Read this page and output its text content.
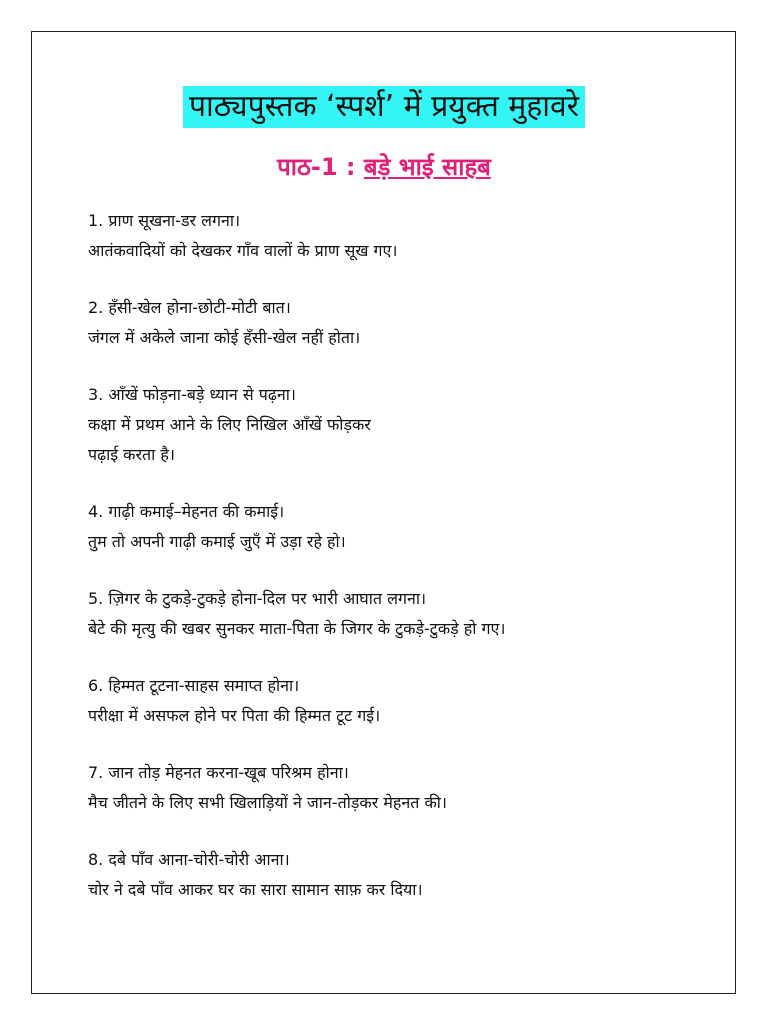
पाठ्यपुस्तक ‘स्पर्श’ में प्रयुक्त मुहावरे
पाठ-1 : बड़े भाई साहब
1. प्राण सूखना-डर लगना।
आतंकवादियों को देखकर गाँव वालों के प्राण सूख गए।
2. हँसी-खेल होना-छोटी-मोटी बात।
जंगल में अकेले जाना कोई हँसी-खेल नहीं होता।
3. आँखें फोड़ना-बड़े ध्यान से पढ़ना।
कक्षा में प्रथम आने के लिए निखिल आँखें फोड़कर
पढ़ाई करता है।
4. गाढ़ी कमाई–मेहनत की कमाई।
तुम तो अपनी गाढ़ी कमाई जुएँ में उड़ा रहे हो।
5. ज़िगर के टुकड़े-टुकड़े होना-दिल पर भारी आघात लगना।
बेटे की मृत्यु की खबर सुनकर माता-पिता के जिगर के टुकड़े-टुकड़े हो गए।
6. हिम्मत टूटना-साहस समाप्त होना।
परीक्षा में असफल होने पर पिता की हिम्मत टूट गई।
7. जान तोड़ मेहनत करना-खूब परिश्रम होना।
मैच जीतने के लिए सभी खिलाड़ियों ने जान-तोड़कर मेहनत की।
8. दबे पाँव आना-चोरी-चोरी आना।
चोर ने दबे पाँव आकर घर का सारा सामान साफ़ कर दिया।
